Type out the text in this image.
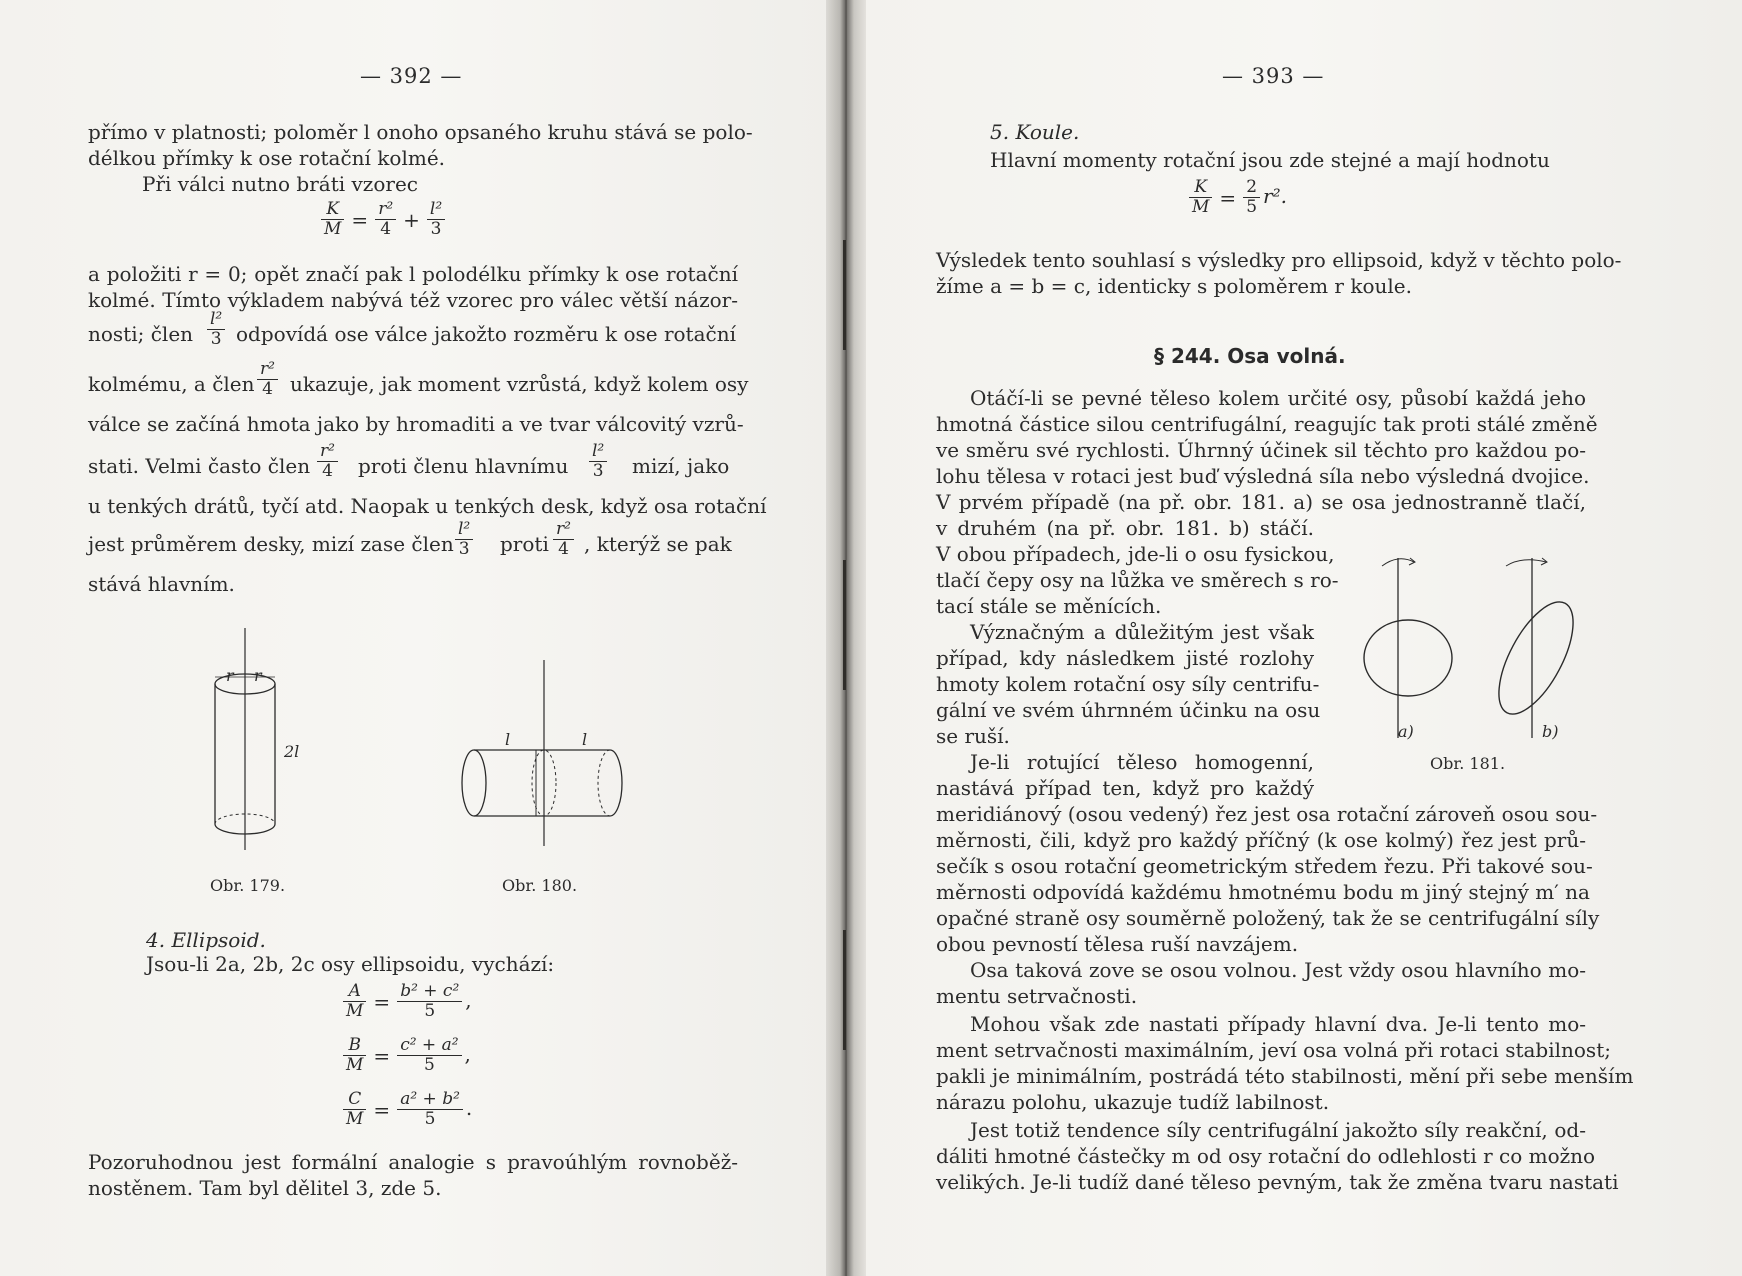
— 392 —
přímo v platnosti; poloměr l onoho opsaného kruhu stává se polo-
délkou přímky k ose rotační kolmé.
Při válci nutno bráti vzorec
$\frac{K}{M} = \frac{\text{r²}}{4} + \frac{\text{l²}}{3}$
a položiti r = 0; opět značí pak l polodélku přímky k ose rotační
kolmé. Tímto výkladem nabývá též vzorec pro válec větší názor-
nosti; člen $\frac{\text{l²}}{3}$ odpovídá ose válce jakožto rozměru k ose rotační
kolmému, a člen $\frac{\text{r²}}{4}$ ukazuje, jak moment vzrůstá, když kolem osy
válce se začíná hmota jako by hromaditi a ve tvar válcovitý vzrů-
stati. Velmi často člen $\frac{\text{r²}}{4}$ proti členu hlavnímu $\frac{\text{l²}}{3}$ mizí, jako
u tenkých drátů, tyčí atd. Naopak u tenkých desk, když osa rotační
jest průměrem desky, mizí zase člen $\frac{\text{l²}}{3}$ proti $\frac{\text{r²}}{4}$ , kterýž se pak
stává hlavním.
r r
2l
Obr. 179.
l	l
Obr. 180.
4. Ellipsoid.
Jsou-li 2a, 2b, 2c osy ellipsoidu, vychází:
$\frac{A}{M} = \frac{\text{b² + c²}}{5}$ ,
$\frac{B}{M} = \frac{\text{c² + a²}}{5}$ ,
$\frac{C}{M} = \frac{\text{a² + b²}}{5}$ .
Pozoruhodnou jest formální analogie s pravoúhlým rovnoběž-
nostěnem. Tam byl dělitel 3, zde 5.
— 393 —
5. Koule.
Hlavní momenty rotační jsou zde stejné a mají hodnotu
$\frac{K}{M} = \frac{2}{5} r^2$.
Výsledek tento souhlasí s výsledky pro ellipsoid, když v těchto polo-
žíme a = b = c, identicky s poloměrem r koule.
§ 244. Osa volná.
Otáčí-li se pevné těleso kolem určité osy, působí každá jeho
hmotná částice silou centrifugální, reagujíc tak proti stálé změně
ve směru své rychlosti. Úhrnný účinek sil těchto pro každou po-
lohu tělesa v rotaci jest buď výsledná síla nebo výsledná dvojice.
V prvém případě (na př. obr. 181. a) se osa jednostranně tlačí,
v druhém (na př. obr. 181. b) stáčí.
V obou případech, jde-li o osu fysickou,
tlačí čepy osy na lůžka ve směrech s ro-
tací stále se měnících.
Význačným a důležitým jest však
případ, kdy následkem jisté rozlohy
hmoty kolem rotační osy síly centrifu-
gální ve svém úhrnném účinku na osu
se ruší.
Je-li rotující těleso homogenní,
nastává případ ten, když pro každý
a)	b)
Obr. 181.
meridiánový (osou vedený) řez jest osa rotační zároveň osou sou-
měrnosti, čili, když pro každý příčný (k ose kolmý) řez jest prů-
sečík s osou rotační geometrickým středem řezu. Při takové sou-
měrnosti odpovídá každému hmotnému bodu m jiný stejný m′ na
opačné straně osy souměrně položený, tak že se centrifugální síly
obou pevností tělesa ruší navzájem.
Osa taková zove se osou volnou. Jest vždy osou hlavního mo-
mentu setrvačnosti.
Mohou však zde nastati případy hlavní dva. Je-li tento mo-
ment setrvačnosti maximálním, jeví osa volná při rotaci stabilnost;
pakli je minimálním, postrádá této stabilnosti, mění při sebe menším
nárazu polohu, ukazuje tudíž labilnost.
Jest totiž tendence síly centrifugální jakožto síly reakční, od-
dáliti hmotné částečky m od osy rotační do odlehlosti r co možno
velikých. Je-li tudíž dané těleso pevným, tak že změna tvaru nastati
